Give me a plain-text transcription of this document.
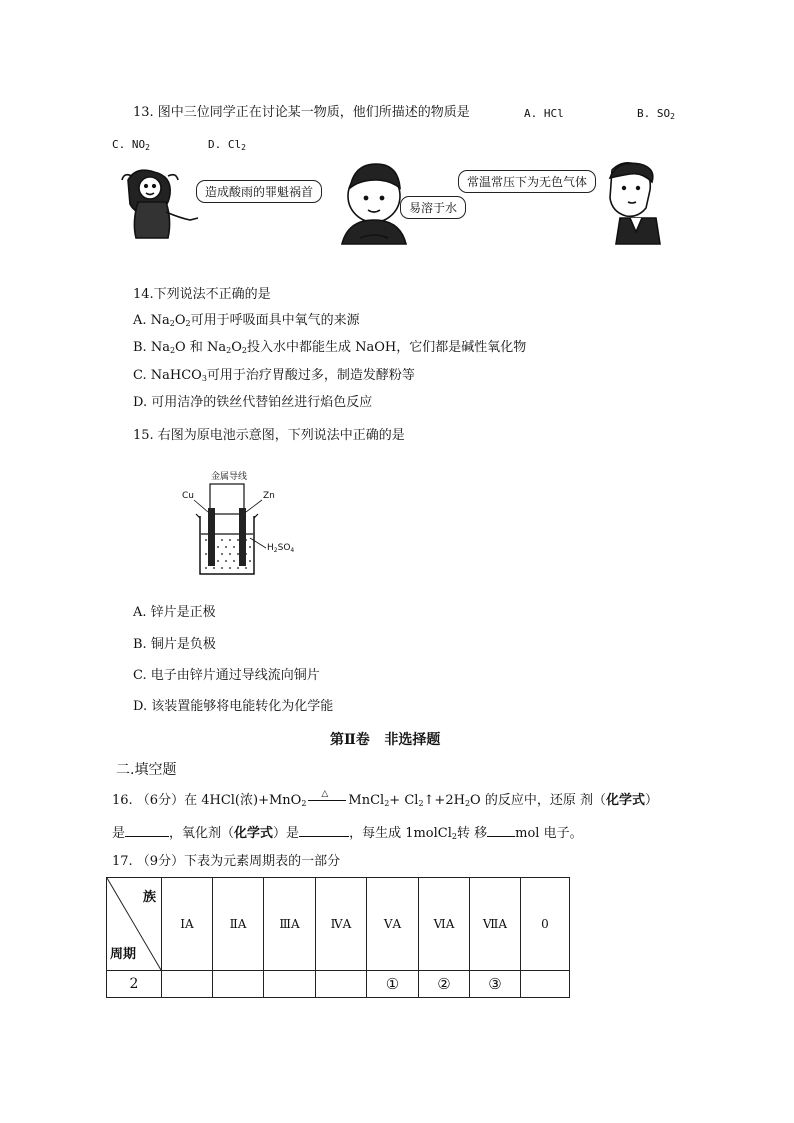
13. 图中三位同学正在讨论某一物质，他们所描述的物质是	A. HCl	B. $SO_2$
C. $NO_2$	D. $Cl_2$
造成酸雨的罪魁祸首
易溶于水
常温常压下为无色气体
14.下列说法不正确的是
A. $Na_2O_2$可用于呼吸面具中氧气的来源
B. $Na_2O$ 和 $Na_2O_2$投入水中都能生成 NaOH，它们都是碱性氧化物
C. NaHCO$_3$可用于治疗胃酸过多，制造发酵粉等
D. 可用洁净的铁丝代替铂丝进行焰色反应
15. 右图为原电池示意图，下列说法中正确的是
金属导线
Cu	Zn
$H_2SO_4$
A. 锌片是正极
B. 铜片是负极
C. 电子由锌片通过导线流向铜片
D. 该装置能够将电能转化为化学能
第Ⅱ卷   非选择题
二.填空题
16. （6分）在 4HCl(浓)+MnO$_2$
△ MnCl$_2$+ $Cl_2↑+2H_2O$ 的反应中，还原 剂（化学式）
是	，氧化剂（化学式）是	，每生成 1molCl$_2$转 移 mol 电子。
17. （9分）下表为元素周期表的一部分
族
周期	ⅠA	ⅡA	ⅢA	ⅣA	ⅤA	ⅥA	ⅦA	0
2					①	②	③	
